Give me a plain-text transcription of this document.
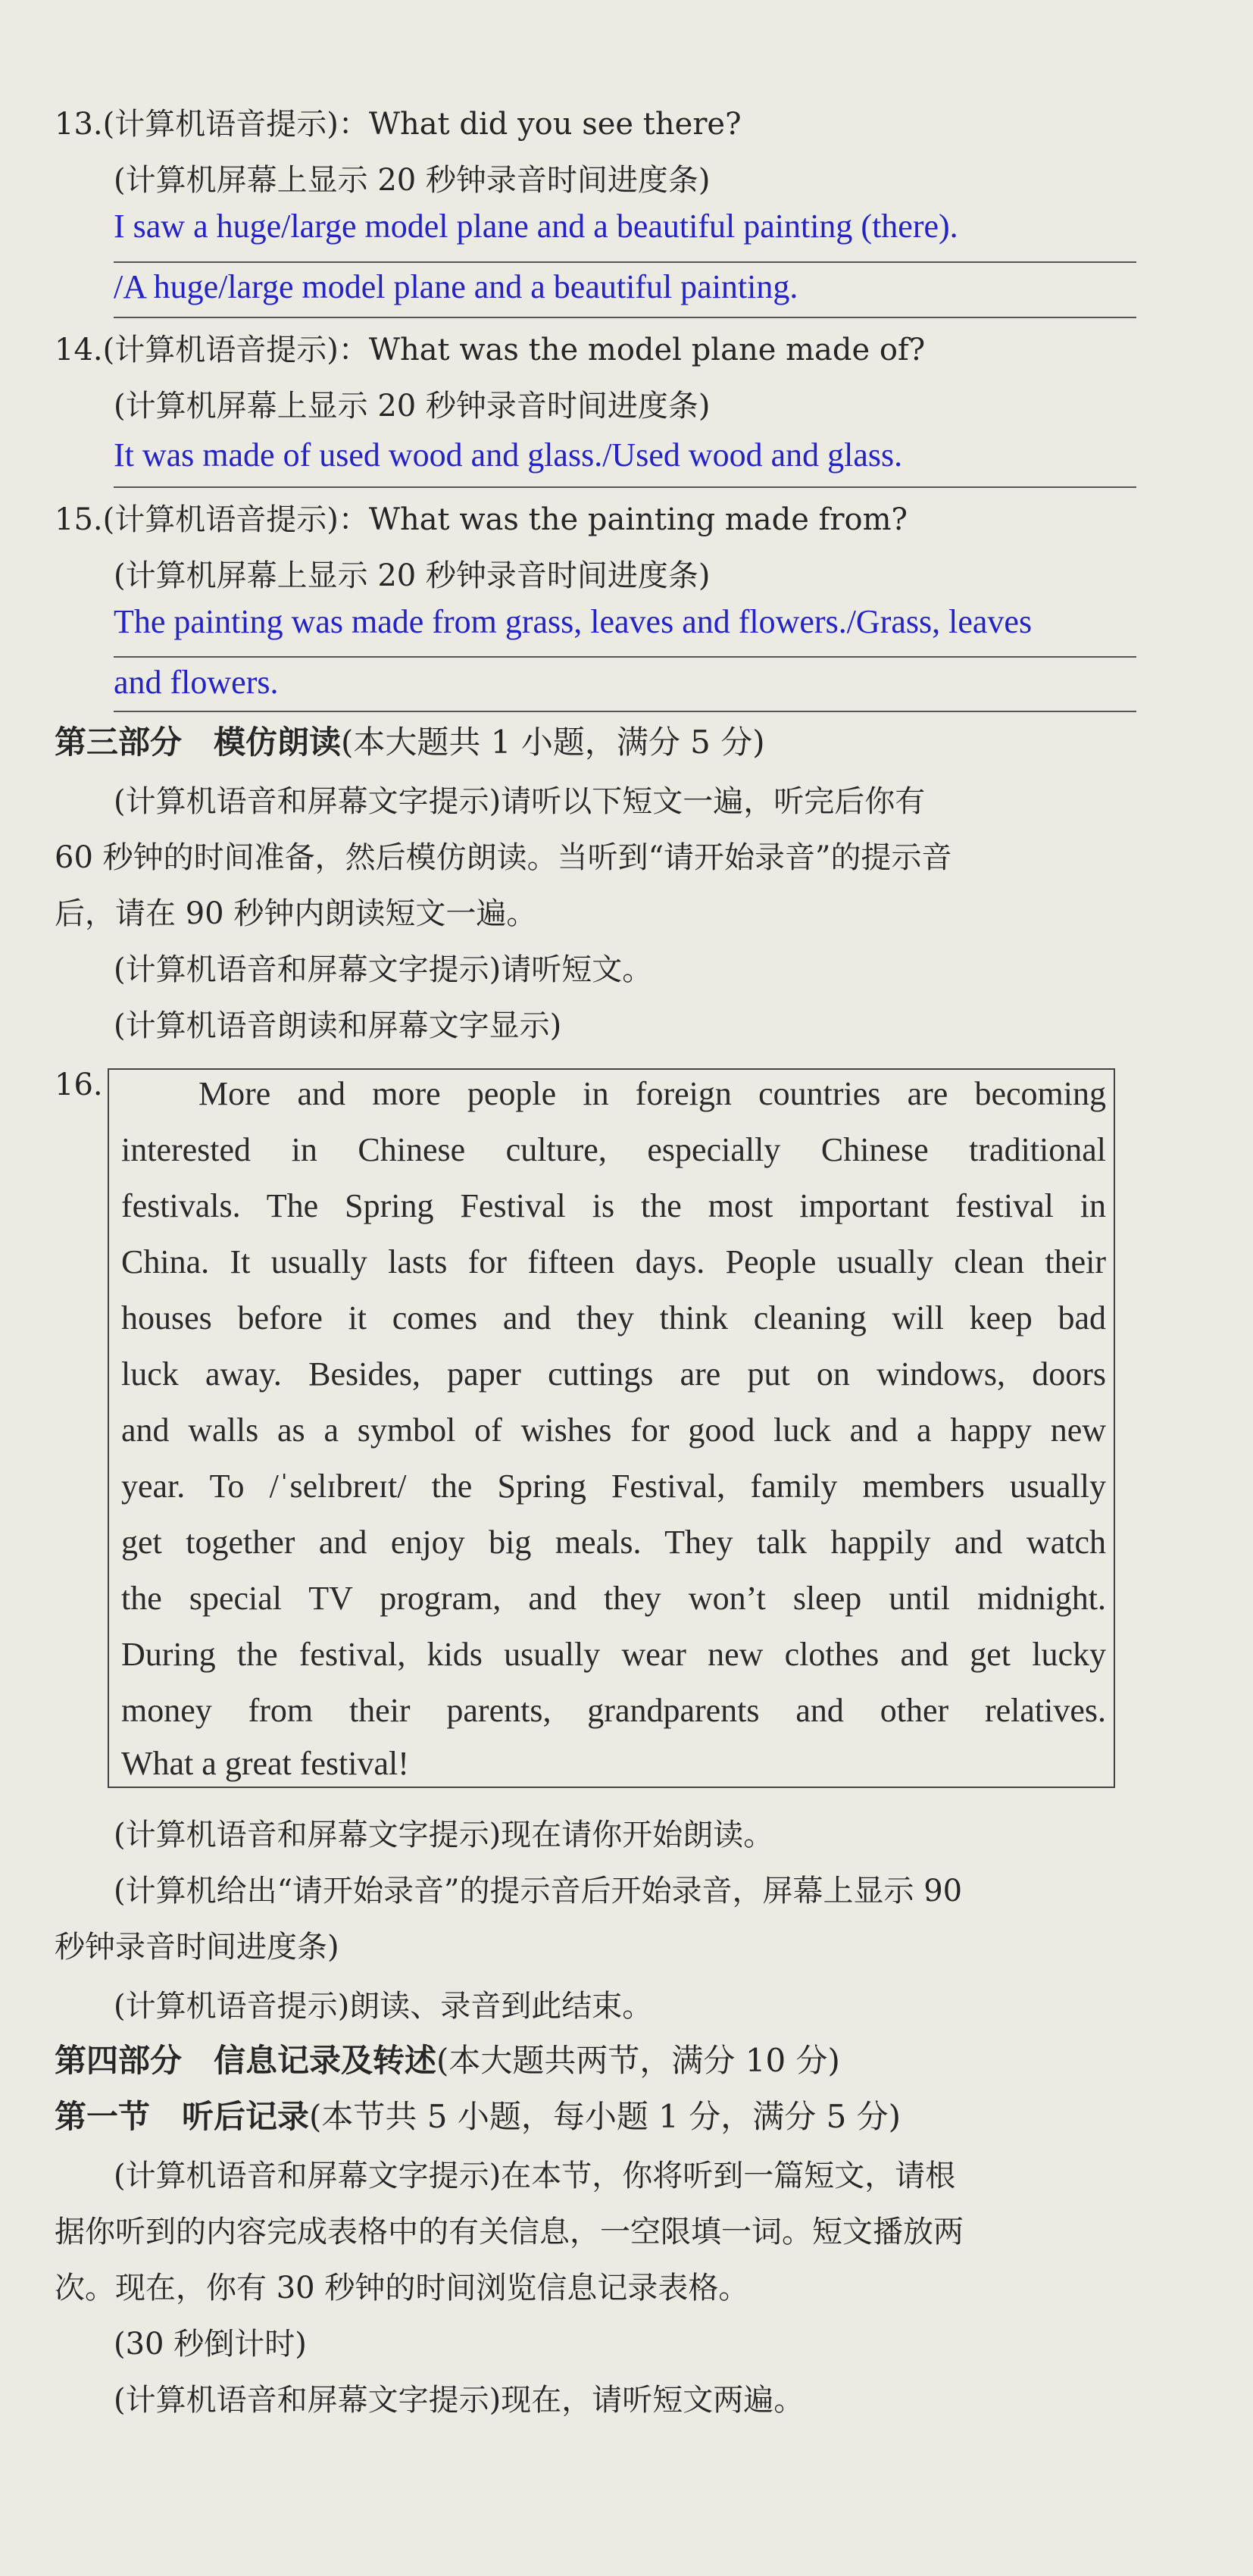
13.(计算机语音提示)：What did you see there?
(计算机屏幕上显示 20 秒钟录音时间进度条)
I saw a huge/large model plane and a beautiful painting (there).
/A huge/large model plane and a beautiful painting.
14.(计算机语音提示)：What was the model plane made of?
(计算机屏幕上显示 20 秒钟录音时间进度条)
It was made of used wood and glass./Used wood and glass.
15.(计算机语音提示)：What was the painting made from?
(计算机屏幕上显示 20 秒钟录音时间进度条)
The painting was made from grass, leaves and flowers./Grass, leaves
and flowers.
第三部分　模仿朗读(本大题共 1 小题，满分 5 分)
(计算机语音和屏幕文字提示)请听以下短文一遍，听完后你有
60 秒钟的时间准备，然后模仿朗读。当听到“请开始录音”的提示音
后，请在 90 秒钟内朗读短文一遍。
(计算机语音和屏幕文字提示)请听短文。
(计算机语音朗读和屏幕文字显示)
16.	More and more people in foreign countries are becoming
interested in Chinese culture, especially Chinese traditional
festivals. The Spring Festival is the most important festival in
China. It usually lasts for fifteen days. People usually clean their
houses before it comes and they think cleaning will keep bad
luck away. Besides, paper cuttings are put on windows, doors
and walls as a symbol of wishes for good luck and a happy new
year. To /ˈselɪbreɪt/ the Spring Festival, family members usually
get together and enjoy big meals. They talk happily and watch
the special TV program, and they won’t sleep until midnight.
During the festival, kids usually wear new clothes and get lucky
money from their parents, grandparents and other relatives.
What a great festival!
(计算机语音和屏幕文字提示)现在请你开始朗读。
(计算机给出“请开始录音”的提示音后开始录音，屏幕上显示 90
秒钟录音时间进度条)
(计算机语音提示)朗读、录音到此结束。
第四部分　信息记录及转述(本大题共两节，满分 10 分)
第一节　听后记录(本节共 5 小题，每小题 1 分，满分 5 分)
(计算机语音和屏幕文字提示)在本节，你将听到一篇短文，请根
据你听到的内容完成表格中的有关信息，一空限填一词。短文播放两
次。现在，你有 30 秒钟的时间浏览信息记录表格。
(30 秒倒计时)
(计算机语音和屏幕文字提示)现在，请听短文两遍。
